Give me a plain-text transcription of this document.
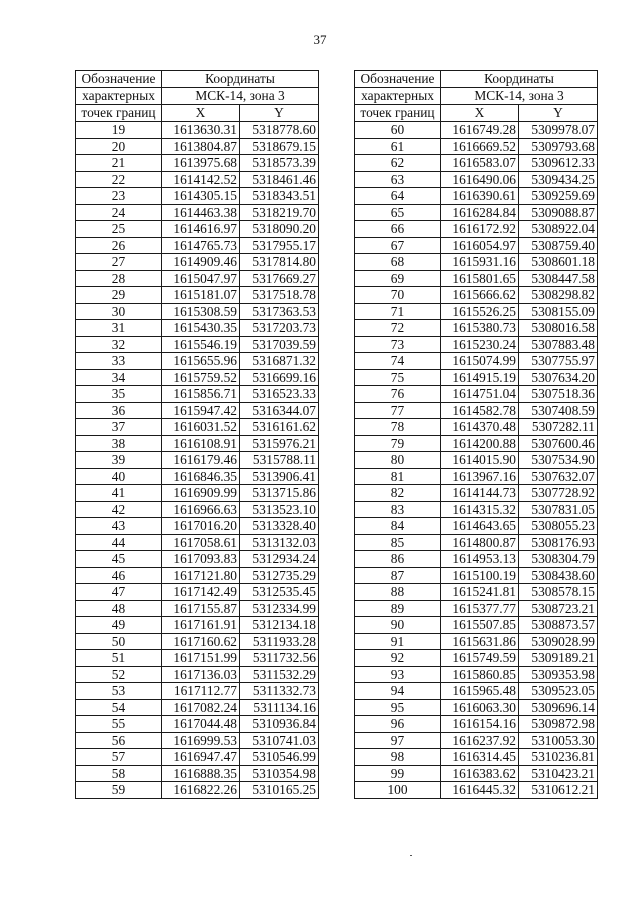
37
Обозначение	Координаты	
характерных	МСК-14, зона 3	
точек границ	X	Y
19	1613630.31	5318778.60
20	1613804.87	5318679.15
21	1613975.68	5318573.39
22	1614142.52	5318461.46
23	1614305.15	5318343.51
24	1614463.38	5318219.70
25	1614616.97	5318090.20
26	1614765.73	5317955.17
27	1614909.46	5317814.80
28	1615047.97	5317669.27
29	1615181.07	5317518.78
30	1615308.59	5317363.53
31	1615430.35	5317203.73
32	1615546.19	5317039.59
33	1615655.96	5316871.32
34	1615759.52	5316699.16
35	1615856.71	5316523.33
36	1615947.42	5316344.07
37	1616031.52	5316161.62
38	1616108.91	5315976.21
39	1616179.46	5315788.11
40	1616846.35	5313906.41
41	1616909.99	5313715.86
42	1616966.63	5313523.10
43	1617016.20	5313328.40
44	1617058.61	5313132.03
45	1617093.83	5312934.24
46	1617121.80	5312735.29
47	1617142.49	5312535.45
48	1617155.87	5312334.99
49	1617161.91	5312134.18
50	1617160.62	5311933.28
51	1617151.99	5311732.56
52	1617136.03	5311532.29
53	1617112.77	5311332.73
54	1617082.24	5311134.16
55	1617044.48	5310936.84
56	1616999.53	5310741.03
57	1616947.47	5310546.99
58	1616888.35	5310354.98
59	1616822.26	5310165.25
Обозначение	Координаты	
характерных	МСК-14, зона 3	
точек границ	X	Y
60	1616749.28	5309978.07
61	1616669.52	5309793.68
62	1616583.07	5309612.33
63	1616490.06	5309434.25
64	1616390.61	5309259.69
65	1616284.84	5309088.87
66	1616172.92	5308922.04
67	1616054.97	5308759.40
68	1615931.16	5308601.18
69	1615801.65	5308447.58
70	1615666.62	5308298.82
71	1615526.25	5308155.09
72	1615380.73	5308016.58
73	1615230.24	5307883.48
74	1615074.99	5307755.97
75	1614915.19	5307634.20
76	1614751.04	5307518.36
77	1614582.78	5307408.59
78	1614370.48	5307282.11
79	1614200.88	5307600.46
80	1614015.90	5307534.90
81	1613967.16	5307632.07
82	1614144.73	5307728.92
83	1614315.32	5307831.05
84	1614643.65	5308055.23
85	1614800.87	5308176.93
86	1614953.13	5308304.79
87	1615100.19	5308438.60
88	1615241.81	5308578.15
89	1615377.77	5308723.21
90	1615507.85	5308873.57
91	1615631.86	5309028.99
92	1615749.59	5309189.21
93	1615860.85	5309353.98
94	1615965.48	5309523.05
95	1616063.30	5309696.14
96	1616154.16	5309872.98
97	1616237.92	5310053.30
98	1616314.45	5310236.81
99	1616383.62	5310423.21
100	1616445.32	5310612.21
